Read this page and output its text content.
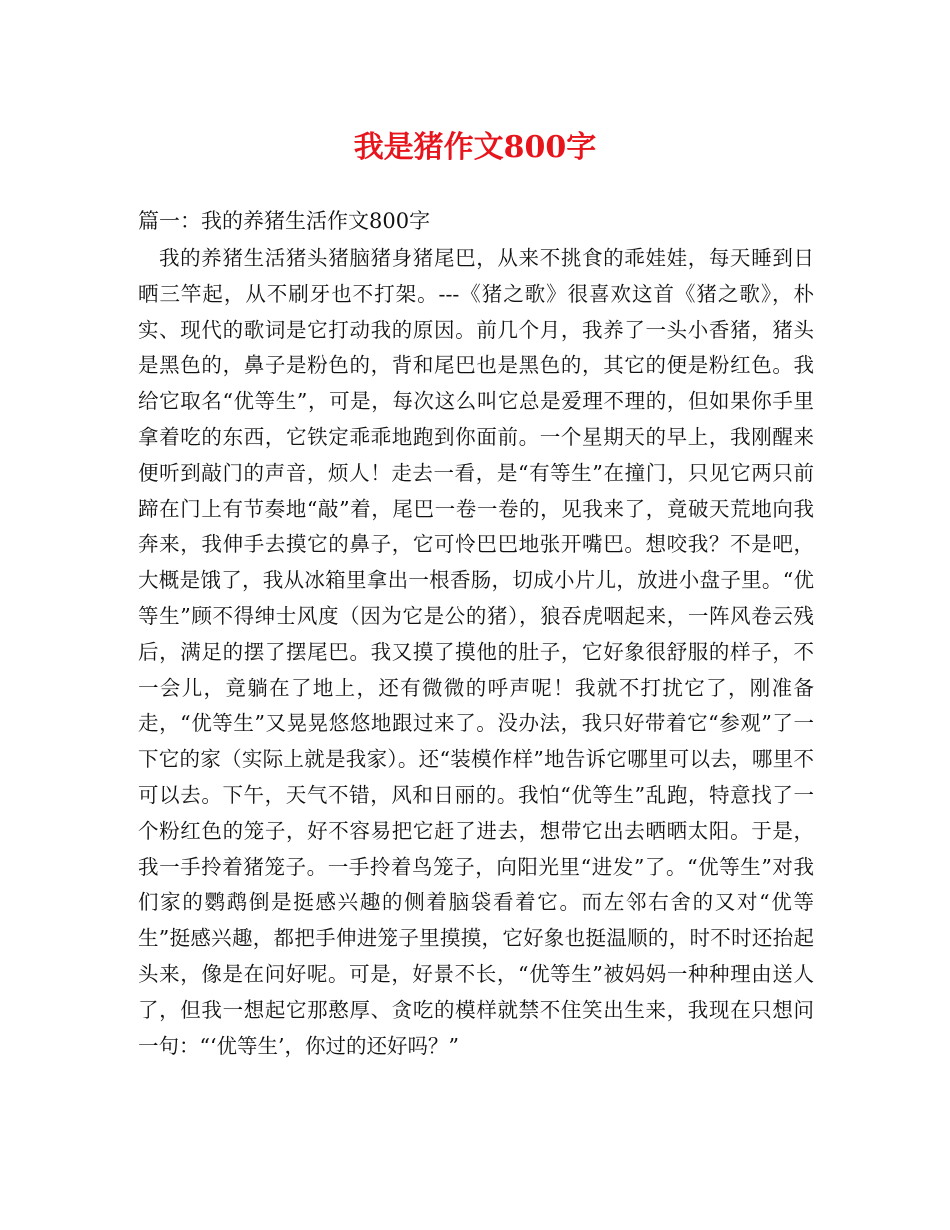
我是猪作文800字

篇一：我的养猪生活作文800字

我的养猪生活猪头猪脑猪身猪尾巴，从来不挑食的乖娃娃，每天睡到日晒三竿起，从不刷牙也不打架。---《猪之歌》很喜欢这首《猪之歌》，朴实、现代的歌词是它打动我的原因。前几个月，我养了一头小香猪，猪头是黑色的，鼻子是粉色的，背和尾巴也是黑色的，其它的便是粉红色。我给它取名“优等生”，可是，每次这么叫它总是爱理不理的，但如果你手里拿着吃的东西，它铁定乖乖地跑到你面前。一个星期天的早上，我刚醒来便听到敲门的声音，烦人！走去一看，是“有等生”在撞门，只见它两只前蹄在门上有节奏地“敲”着，尾巴一卷一卷的，见我来了，竟破天荒地向我奔来，我伸手去摸它的鼻子，它可怜巴巴地张开嘴巴。想咬我？不是吧，大概是饿了，我从冰箱里拿出一根香肠，切成小片儿，放进小盘子里。“优等生”顾不得绅士风度（因为它是公的猪），狼吞虎咽起来，一阵风卷云残后，满足的摆了摆尾巴。我又摸了摸他的肚子，它好象很舒服的样子，不一会儿，竟躺在了地上，还有微微的呼声呢！我就不打扰它了，刚准备走，“优等生”又晃晃悠悠地跟过来了。没办法，我只好带着它“参观”了一下它的家（实际上就是我家）。还“装模作样”地告诉它哪里可以去，哪里不可以去。下午，天气不错，风和日丽的。我怕“优等生”乱跑，特意找了一个粉红色的笼子，好不容易把它赶了进去，想带它出去晒晒太阳。于是，我一手拎着猪笼子。一手拎着鸟笼子，向阳光里“进发”了。“优等生”对我们家的鹦鹉倒是挺感兴趣的侧着脑袋看着它。而左邻右舍的又对“优等生”挺感兴趣，都把手伸进笼子里摸摸，它好象也挺温顺的，时不时还抬起头来，像是在问好呢。可是，好景不长，“优等生”被妈妈一种种理由送人了，但我一想起它那憨厚、贪吃的模样就禁不住笑出生来，我现在只想问一句：“‘优等生’，你过的还好吗？”
